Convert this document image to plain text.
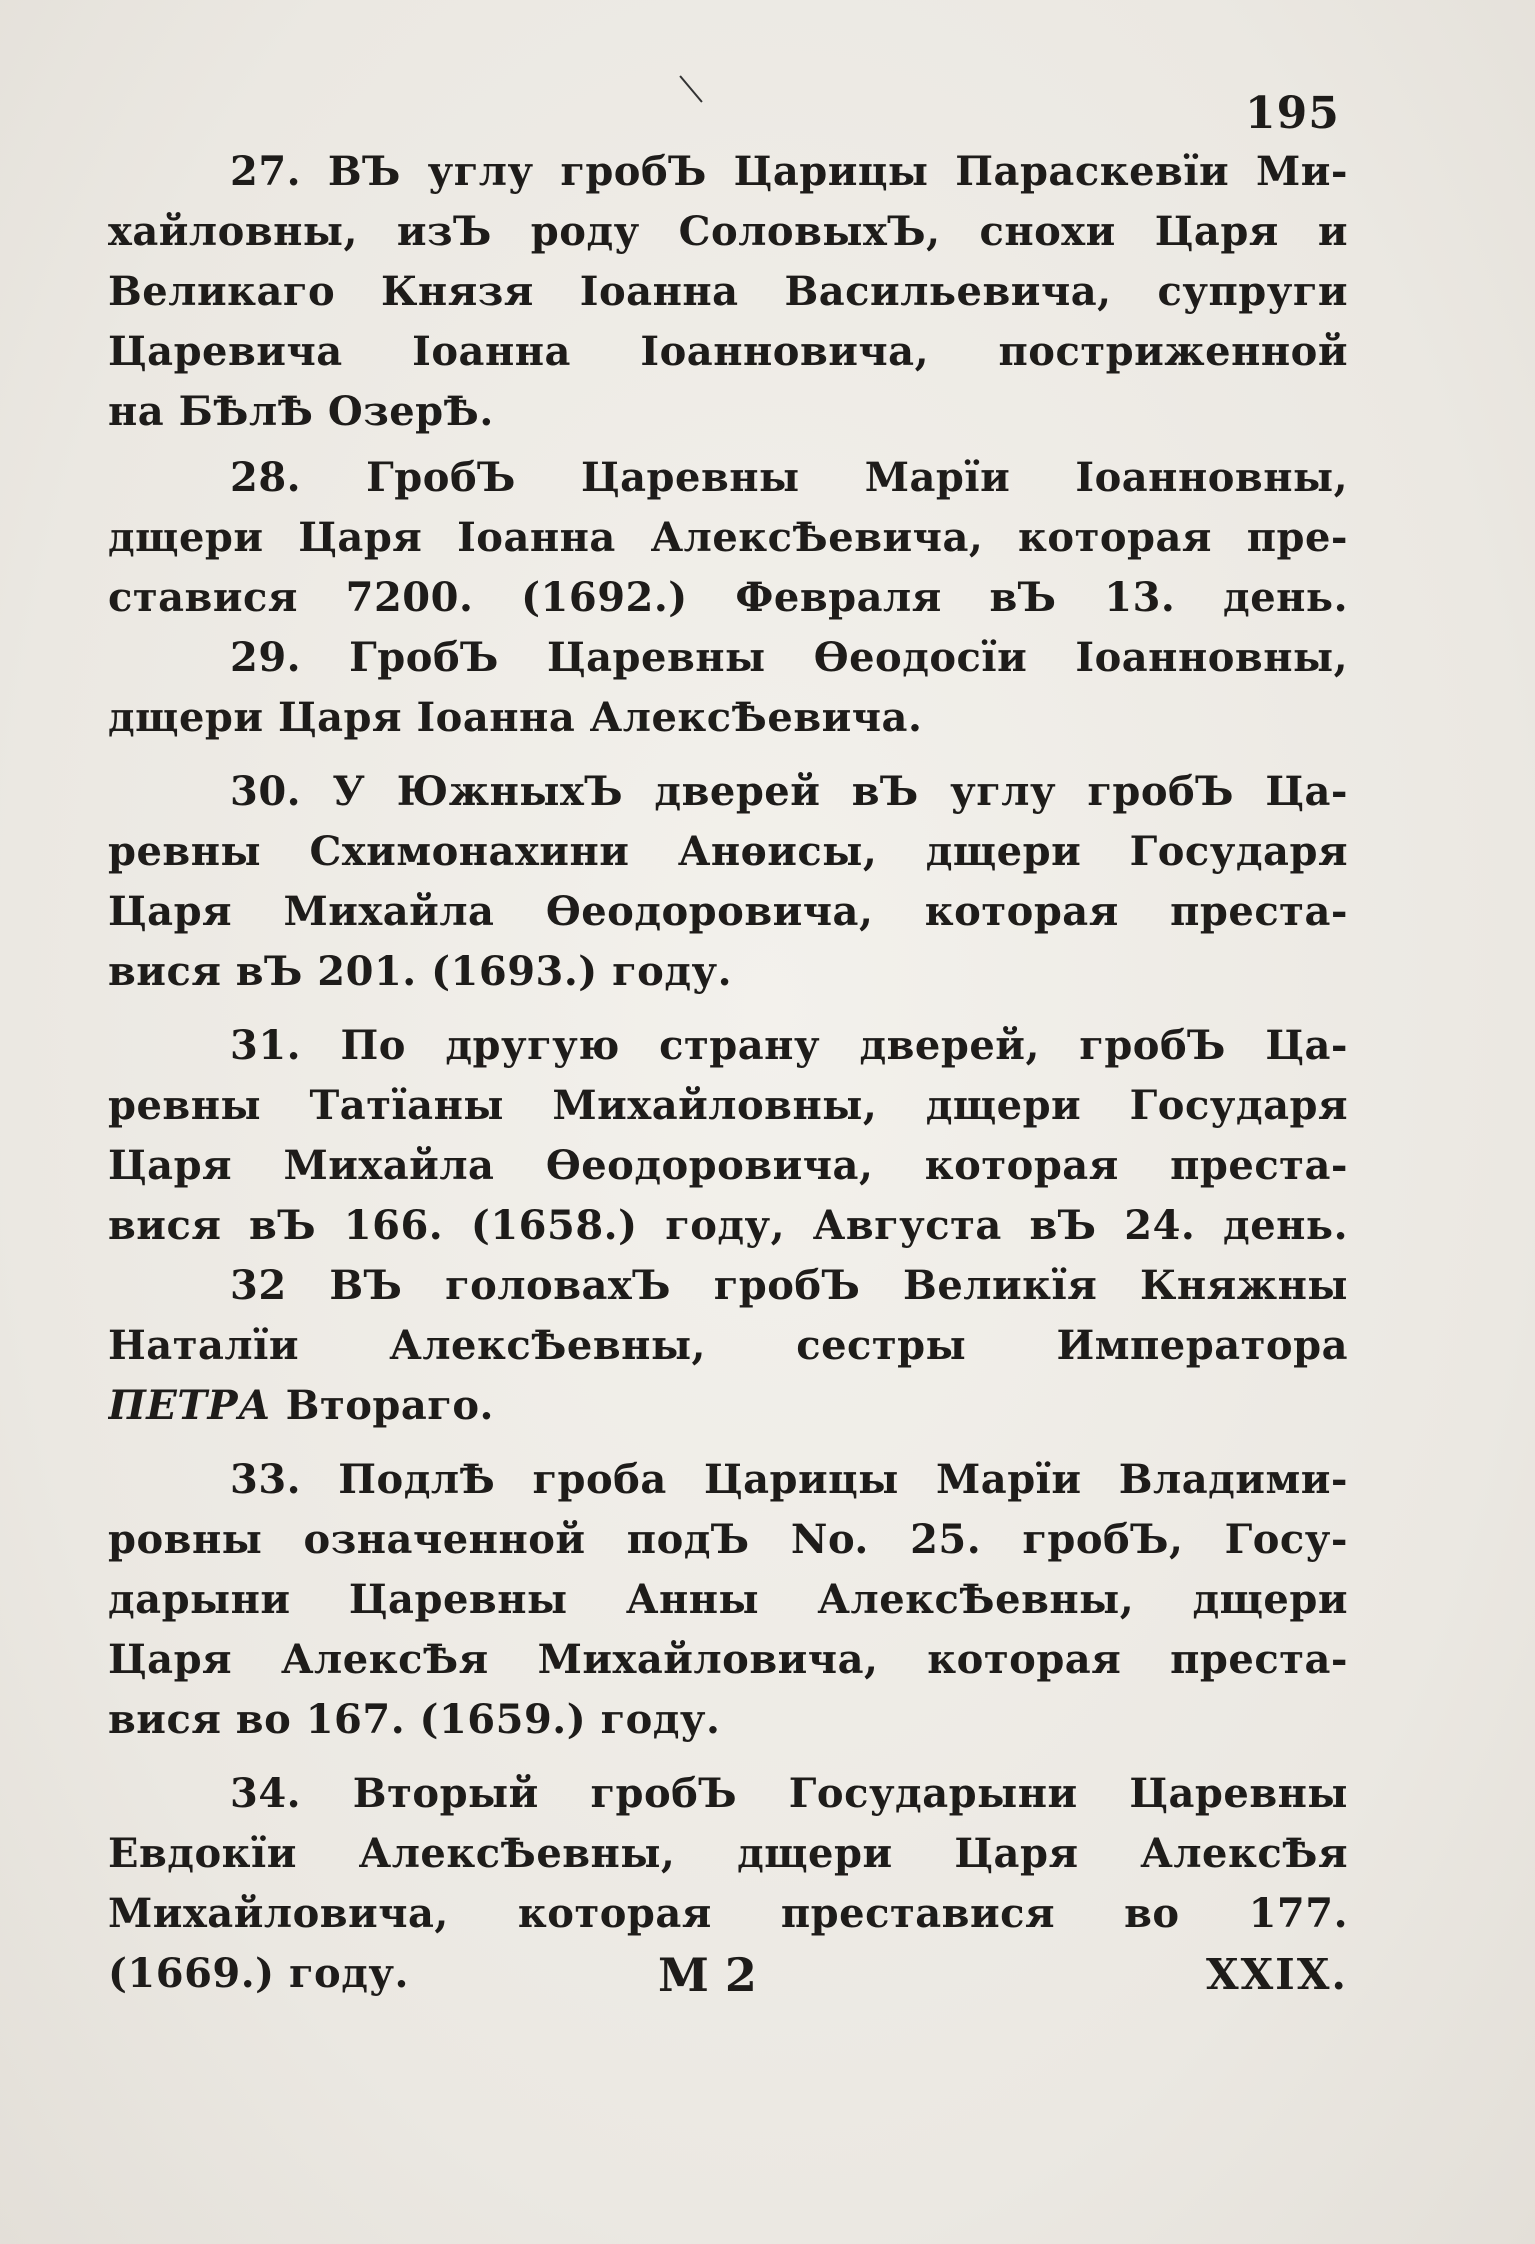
195
27. ВЪ углу гробЪ Царицы Параскевїи Ми-
хайловны, изЪ роду СоловыхЪ, снохи Царя и
Великаго Князя Іоанна Васильевича, супруги
Царевича Іоанна Іоанновича, постриженной
на БѢлѢ ОзерѢ.
28. ГробЪ Царевны Марїи Іоанновны,
дщери Царя Іоанна АлексѢевича, которая пре-
ставися 7200. (1692.) Февраля вЪ 13. день.
29. ГробЪ Царевны Ѳеодосїи Іоанновны,
дщери Царя Іоанна АлексѢевича.
30. У ЮжныхЪ дверей вЪ углу гробЪ Ца-
ревны Схимонахини Анѳисы, дщери Государя
Царя Михайла Ѳеодоровича, которая преста-
вися вЪ 201. (1693.) году.
31. По другую страну дверей, гробЪ Ца-
ревны Татїаны Михайловны, дщери Государя
Царя Михайла Ѳеодоровича, которая преста-
вися вЪ 166. (1658.) году, Августа вЪ 24. день.
32 ВЪ головахЪ гробЪ Великїя Княжны
Наталїи АлексѢевны, сестры Императора
ПЕТРА Втораго.
33. ПодлѢ гроба Царицы Марїи Владими-
ровны означенной подЪ No. 25. гробЪ, Госу-
дарыни Царевны Анны АлексѢевны, дщери
Царя АлексѢя Михайловича, которая преста-
вися во 167. (1659.) году.
34. Вторый гробЪ Государыни Царевны
Евдокїи АлексѢевны, дщери Царя АлексѢя
Михайловича, которая преставися во 177.
(1669.) году.	М 2	XXIX.
